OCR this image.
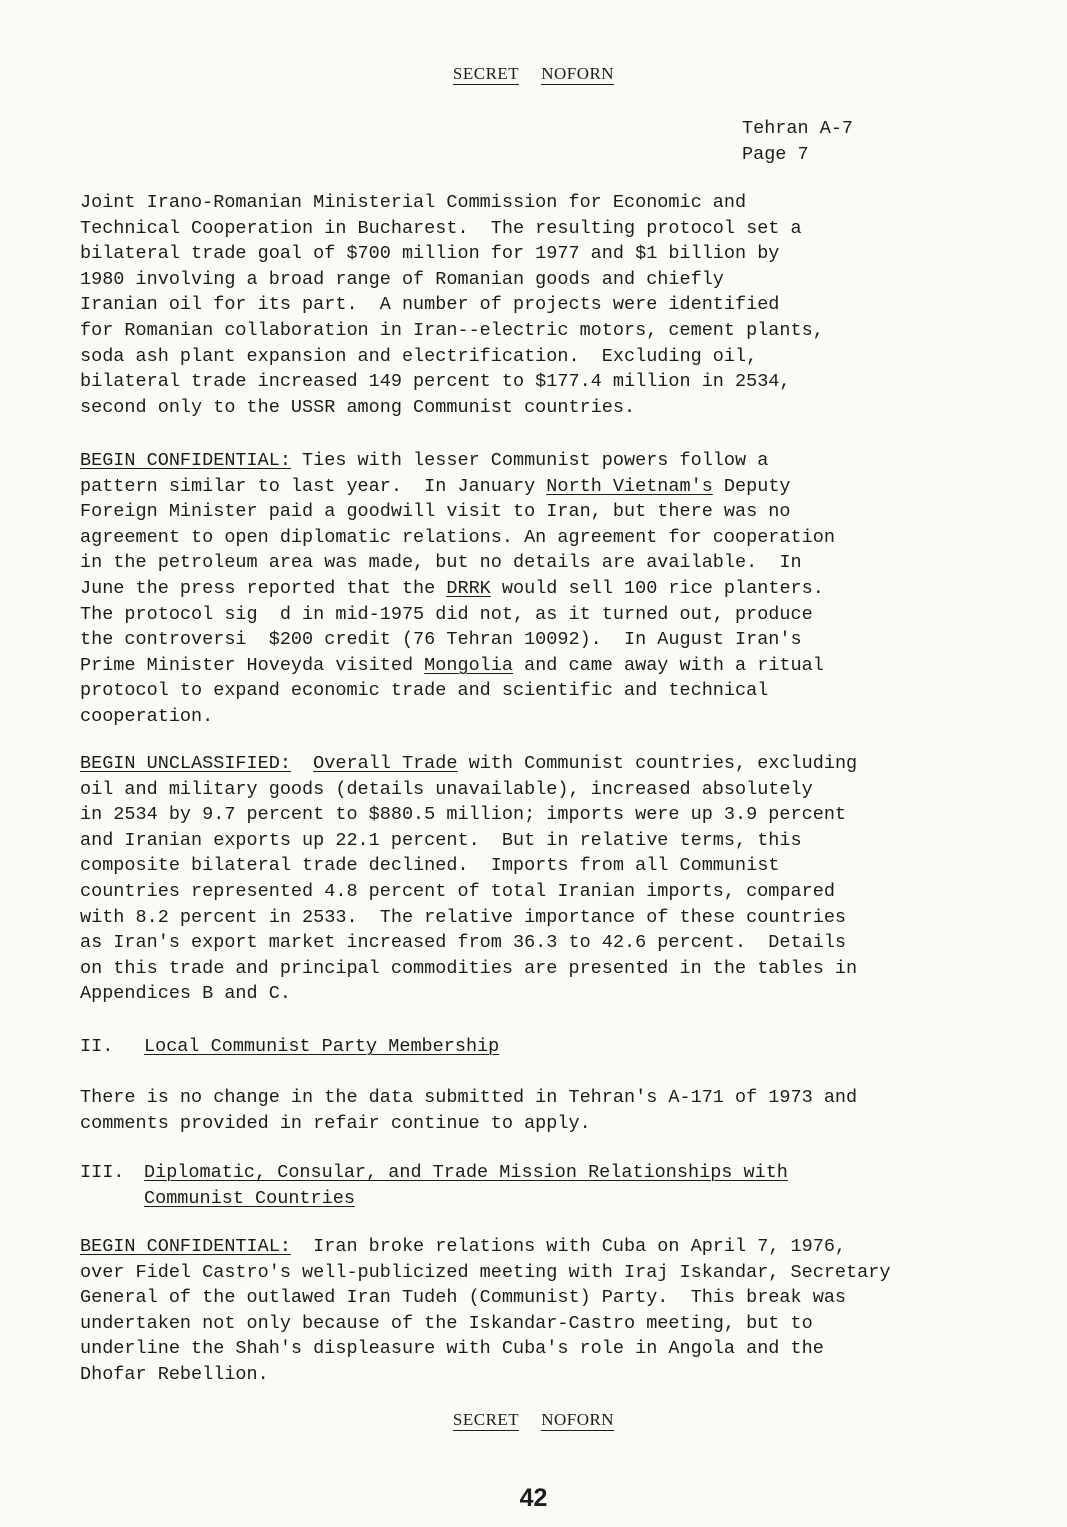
SECRET NOFORN
Tehran A-7
Page 7
Joint Irano-Romanian Ministerial Commission for Economic and
Technical Cooperation in Bucharest.  The resulting protocol set a
bilateral trade goal of $700 million for 1977 and $1 billion by
1980 involving a broad range of Romanian goods and chiefly
Iranian oil for its part.  A number of projects were identified
for Romanian collaboration in Iran--electric motors, cement plants,
soda ash plant expansion and electrification.  Excluding oil,
bilateral trade increased 149 percent to $177.4 million in 2534,
second only to the USSR among Communist countries.
BEGIN CONFIDENTIAL: Ties with lesser Communist powers follow a
pattern similar to last year.  In January North Vietnam's Deputy
Foreign Minister paid a goodwill visit to Iran, but there was no
agreement to open diplomatic relations. An agreement for cooperation
in the petroleum area was made, but no details are available.  In
June the press reported that the DRRK would sell 100 rice planters.
The protocol sig  d in mid-1975 did not, as it turned out, produce
the controversi  $200 credit (76 Tehran 10092).  In August Iran's
Prime Minister Hoveyda visited Mongolia and came away with a ritual
protocol to expand economic trade and scientific and technical
cooperation.
BEGIN UNCLASSIFIED: Overall Trade with Communist countries, excluding
oil and military goods (details unavailable), increased absolutely
in 2534 by 9.7 percent to $880.5 million; imports were up 3.9 percent
and Iranian exports up 22.1 percent.  But in relative terms, this
composite bilateral trade declined.  Imports from all Communist
countries represented 4.8 percent of total Iranian imports, compared
with 8.2 percent in 2533.  The relative importance of these countries
as Iran's export market increased from 36.3 to 42.6 percent.  Details
on this trade and principal commodities are presented in the tables in
Appendices B and C.
II. Local Communist Party Membership
There is no change in the data submitted in Tehran's A-171 of 1973 and
comments provided in refair continue to apply.
III. Diplomatic, Consular, and Trade Mission Relationships with
Communist Countries
BEGIN CONFIDENTIAL:  Iran broke relations with Cuba on April 7, 1976,
over Fidel Castro's well-publicized meeting with Iraj Iskandar, Secretary
General of the outlawed Iran Tudeh (Communist) Party.  This break was
undertaken not only because of the Iskandar-Castro meeting, but to
underline the Shah's displeasure with Cuba's role in Angola and the
Dhofar Rebellion.
SECRET NOFORN
42
